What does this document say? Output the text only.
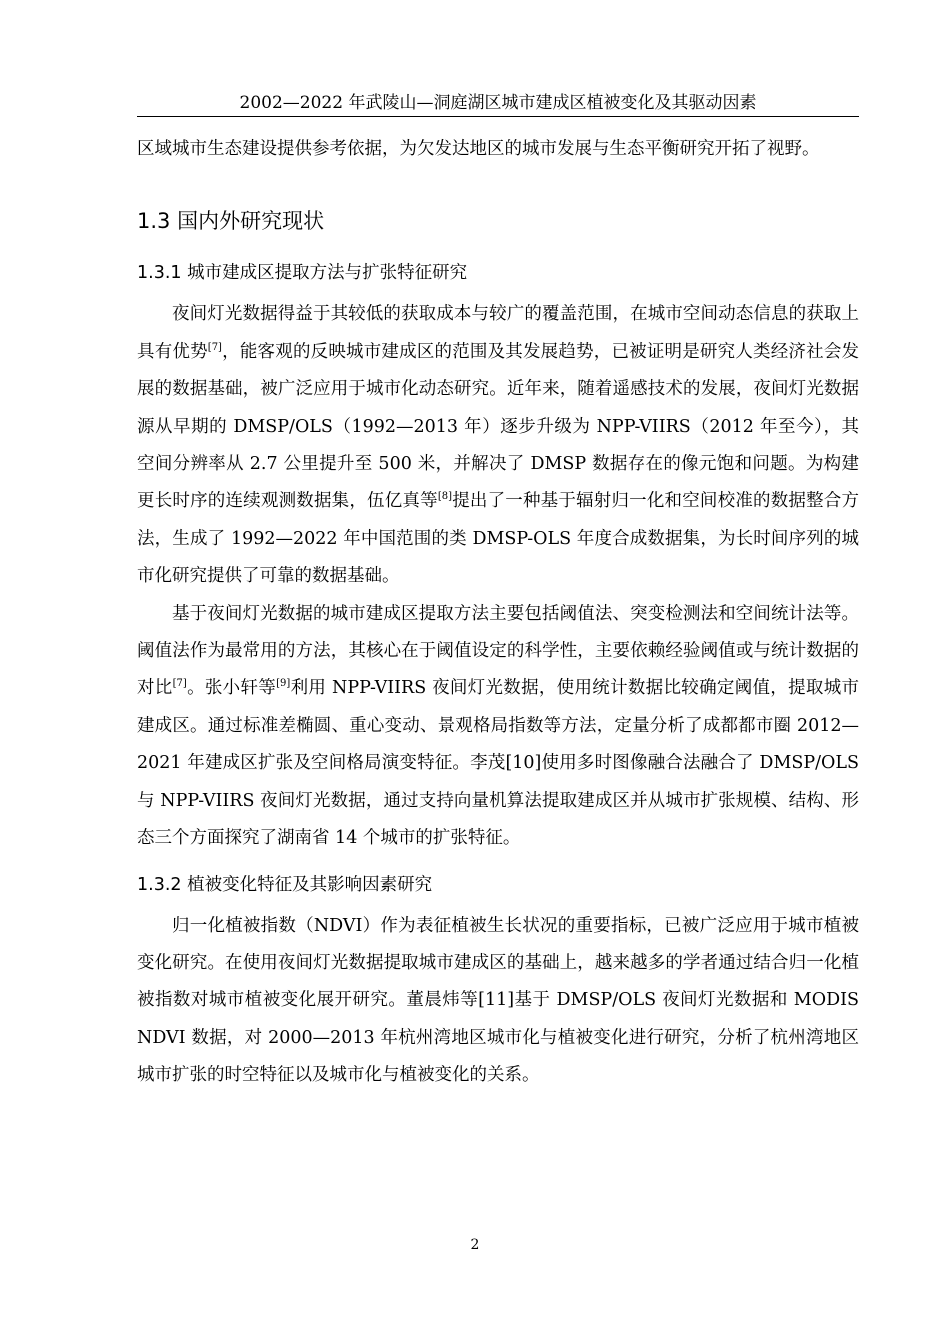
2002—2022 年武陵山—洞庭湖区城市建成区植被变化及其驱动因素

区域城市生态建设提供参考依据，为欠发达地区的城市发展与生态平衡研究开拓了视野。

1.3 国内外研究现状

1.3.1 城市建成区提取方法与扩张特征研究

夜间灯光数据得益于其较低的获取成本与较广的覆盖范围，在城市空间动态信息的获取上具有优势[7]，能客观的反映城市建成区的范围及其发展趋势，已被证明是研究人类经济社会发展的数据基础，被广泛应用于城市化动态研究。近年来，随着遥感技术的发展，夜间灯光数据源从早期的 DMSP/OLS（1992—2013 年）逐步升级为 NPP-VIIRS（2012 年至今），其空间分辨率从 2.7 公里提升至 500 米，并解决了 DMSP 数据存在的像元饱和问题。为构建更长时序的连续观测数据集，伍亿真等[8]提出了一种基于辐射归一化和空间校准的数据整合方法，生成了 1992—2022 年中国范围的类 DMSP-OLS 年度合成数据集，为长时间序列的城市化研究提供了可靠的数据基础。

基于夜间灯光数据的城市建成区提取方法主要包括阈值法、突变检测法和空间统计法等。阈值法作为最常用的方法，其核心在于阈值设定的科学性，主要依赖经验阈值或与统计数据的对比[7]。张小轩等[9]利用 NPP-VIIRS 夜间灯光数据，使用统计数据比较确定阈值，提取城市建成区。通过标准差椭圆、重心变动、景观格局指数等方法，定量分析了成都都市圈 2012—2021 年建成区扩张及空间格局演变特征。李茂[10]使用多时图像融合法融合了 DMSP/OLS 与 NPP-VIIRS 夜间灯光数据，通过支持向量机算法提取建成区并从城市扩张规模、结构、形态三个方面探究了湖南省 14 个城市的扩张特征。

1.3.2 植被变化特征及其影响因素研究

归一化植被指数（NDVI）作为表征植被生长状况的重要指标，已被广泛应用于城市植被变化研究。在使用夜间灯光数据提取城市建成区的基础上，越来越多的学者通过结合归一化植被指数对城市植被变化展开研究。董晨炜等[11]基于 DMSP/OLS 夜间灯光数据和 MODIS NDVI 数据，对 2000—2013 年杭州湾地区城市化与植被变化进行研究，分析了杭州湾地区城市扩张的时空特征以及城市化与植被变化的关系。

2
